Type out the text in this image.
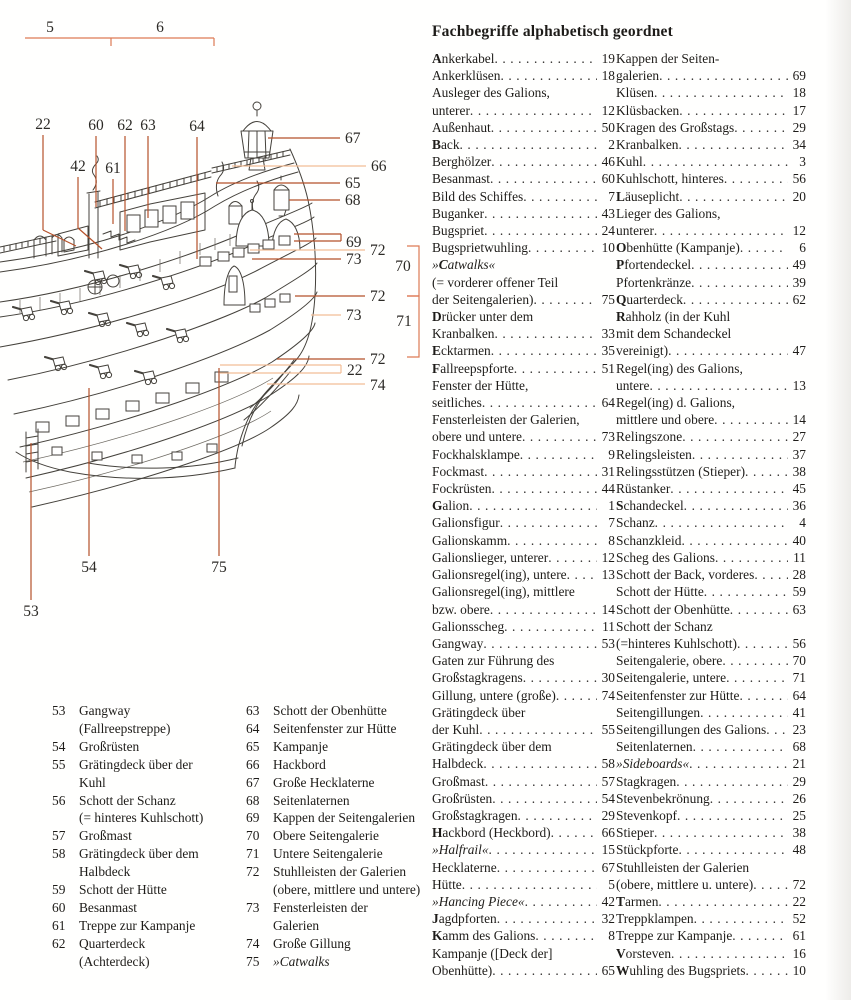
5	6
22 60 62 63 64
42 61
54	75
53
67
66
65
68
69 72
73
72
73
72
22
74
70
71
Fachbegriffe alphabetisch geordnet
Ankerkabel . . .	19
Ankerklüsen . . .	18
Ausleger des Galions,
unterer . . .	12
Außenhaut . . .	50
Back . . .	2
Berghölzer . . .	46
Besanmast . . .	60
Bild des Schiffes . . .	7
Buganker . . .	43
Bugspriet . . .	24
Bugsprietwuhling . . .	10
»Catwalks«
(= vorderer offener Teil
der Seitengalerien) . . .	75
Drücker unter dem
Kranbalken . . .	33
Ecktarmen . . .	35
Fallreepspforte . . .	51
Fenster der Hütte,
seitliches . . .	64
Fensterleisten der Galerien,
obere und untere . . .	73
Fockhalsklampe . . .	9
Fockmast . . .	31
Fockrüsten . . .	44
Galion . . .	1
Galionsfigur . . .	7
Galionskamm . . .	8
Galionslieger, unterer . . .	12
Galionsregel(ing), untere . . .	13
Galionsregel(ing), mittlere
bzw. obere . . .	14
Galionsscheg . . .	11
Gangway . . .	53
Gaten zur Führung des
Großstagkragens . . .	30
Gillung, untere (große) . . .	74
Grätingdeck über
der Kuhl . . .	55
Grätingdeck über dem
Halbdeck . . .	58
Großmast . . .	57
Großrüsten . . .	54
Großstagkragen . . .	29
Hackbord (Heckbord) . . .	66
»Halfrail« . . .	15
Hecklaterne . . .	67
Hütte . . .	5
»Hancing Piece« . . .	42
Jagdpforten . . .	32
Kamm des Galions . . .	8
Kampanje ([Deck der]
Obenhütte) . . .	65
Kappen der Seiten-
galerien . . .	69
Klüsen . . .	18
Klüsbacken . . .	17
Kragen des Großstags . . .	29
Kranbalken . . .	34
Kuhl . . .	3
Kuhlschott, hinteres . . .	56
Läuseplicht . . .	20
Lieger des Galions,
unterer . . .	12
Obenhütte (Kampanje) . . .	6
Pfortendeckel . . .	49
Pfortenkränze . . .	39
Quarterdeck . . .	62
Rahholz (in der Kuhl
mit dem Schandeckel
vereinigt) . . .	47
Regel(ing) des Galions,
untere . . .	13
Regel(ing) d. Galions,
mittlere und obere . . .	14
Relingszone . . .	27
Relingsleisten . . .	37
Relingsstützen (Stieper) . . .	38
Rüstanker . . .	45
Schandeckel . . .	36
Schanz . . .	4
Schanzkleid . . .	40
Scheg des Galions . . .	11
Schott der Back, vorderes . . .	28
Schott der Hütte . . .	59
Schott der Obenhütte . . .	63
Schott der Schanz
(=hinteres Kuhlschott) . . .	56
Seitengalerie, obere . . .	70
Seitengalerie, untere . . .	71
Seitenfenster zur Hütte . . .	64
Seitengillungen . . .	41
Seitengillungen des Galions . . . 23
Seitenlaternen . . .	68
»Sideboards« . . .	21
Stagkragen . . .	29
Stevenbekrönung . . .	26
Stevenkopf . . .	25
Stieper . . .	38
Stückpforte . . .	48
Stuhlleisten der Galerien
(obere, mittlere u. untere) . . .	72
Tarmen . . .	22
Treppklampen . . .	52
Treppe zur Kampanje . . .	61
Vorsteven . . .	16
Wuhling des Bugspriets . . .	10
53	Gangway
(Fallreepstreppe)
54	Großrüsten
55	Grätingdeck über der
Kuhl
56	Schott der Schanz
(= hinteres Kuhlschott)
57	Großmast
58	Grätingdeck über dem
Halbdeck
59	Schott der Hütte
60	Besanmast
61	Treppe zur Kampanje
62	Quarterdeck
(Achterdeck)
63	Schott der Obenhütte
64	Seitenfenster zur Hütte
65	Kampanje
66	Hackbord
67	Große Hecklaterne
68	Seitenlaternen
69	Kappen der Seitengalerien
70	Obere Seitengalerie
71	Untere Seitengalerie
72	Stuhlleisten der Galerien
(obere, mittlere und untere)
73	Fensterleisten der
Galerien
74	Große Gillung
75	»Catwalks
